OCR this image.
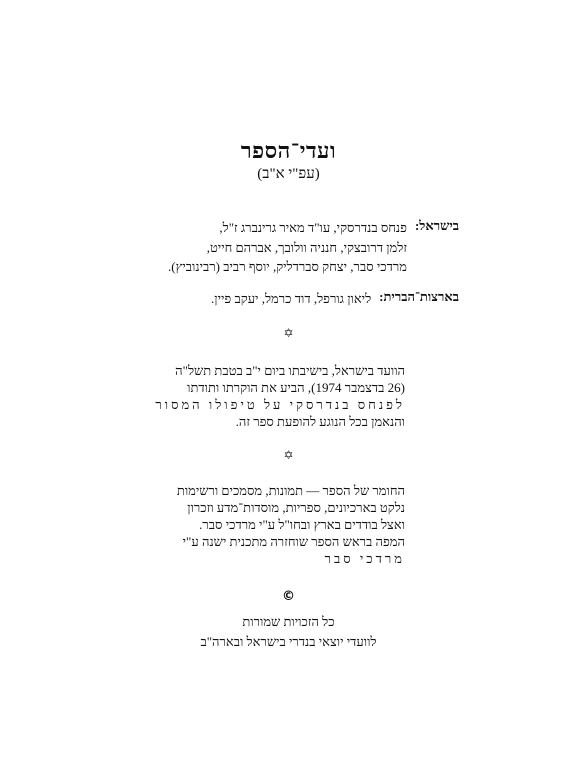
ועדי־הספר
(עפ"י א"ב)
בישראל:
פנחס בנדרסקי, עו"ד מאיר גרינברג ז"ל,
זלמן דרובצקי, חנניה וולובך, אברהם חייט,
מרדכי סבר, יצחק סברדליק, יוסף רביב (רבינוביץ).
בארצות־הברית:
ליאון גורפל, דוד כרמל, יעקב פיין.
✡
הוועד בישראל, בישיבתו ביום י"ב בטבת תשל"ה
(26 בדצמבר 1974), הביע את הוקרתו ותודתו
לפנחס בנדרסקי על טיפולו המסור
והנאמן בכל הנוגע להופעת ספר זה.
✡
החומר של הספר — תמונות, מסמכים ורשימות
נלקט בארכיונים, ספריות, מוסדות־מדע וזכרון
ואצל בודדים בארץ ובחו"ל ע"י מרדכי סבר.
המפה בראש הספר שוחזרה מתכנית ישנה ע"י
מרדכי סבר
©
כל הזכויות שמורות
לוועדי יוצאי בנדרי בישראל ובארה"ב
